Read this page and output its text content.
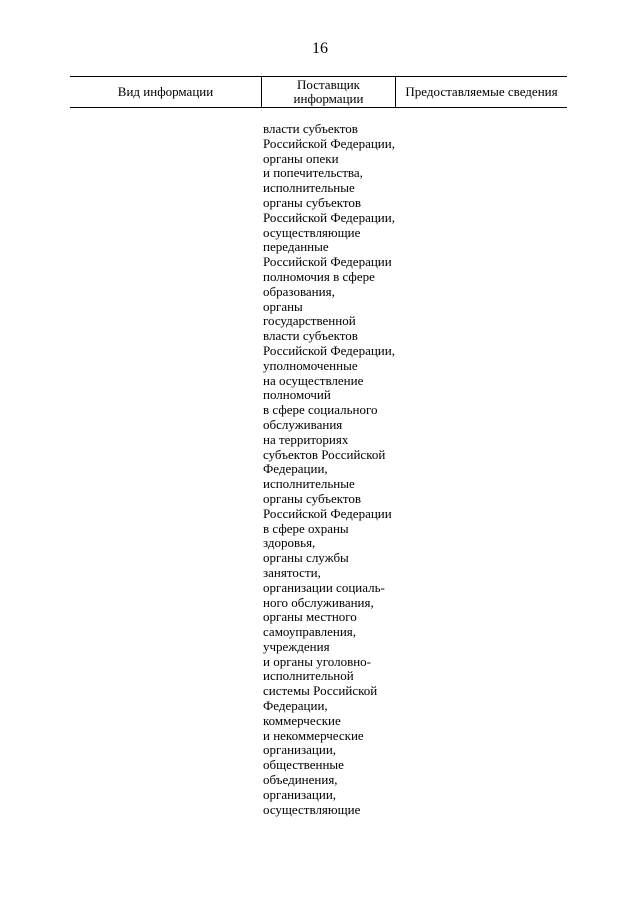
16
Вид информации	Поставщик
информации	Предоставляемые сведения
власти субъектов
Российской Федерации,
органы опеки
и попечительства,
исполнительные
органы субъектов
Российской Федерации,
осуществляющие
переданные
Российской Федерации
полномочия в сфере
образования,
органы
государственной
власти субъектов
Российской Федерации,
уполномоченные
на осуществление
полномочий
в сфере социального
обслуживания
на территориях
субъектов Российской
Федерации,
исполнительные
органы субъектов
Российской Федерации
в сфере охраны
здоровья,
органы службы
занятости,
организации социаль-
ного обслуживания,
органы местного
самоуправления,
учреждения
и органы уголовно-
исполнительной
системы Российской
Федерации,
коммерческие
и некоммерческие
организации,
общественные
объединения,
организации,
осуществляющие
